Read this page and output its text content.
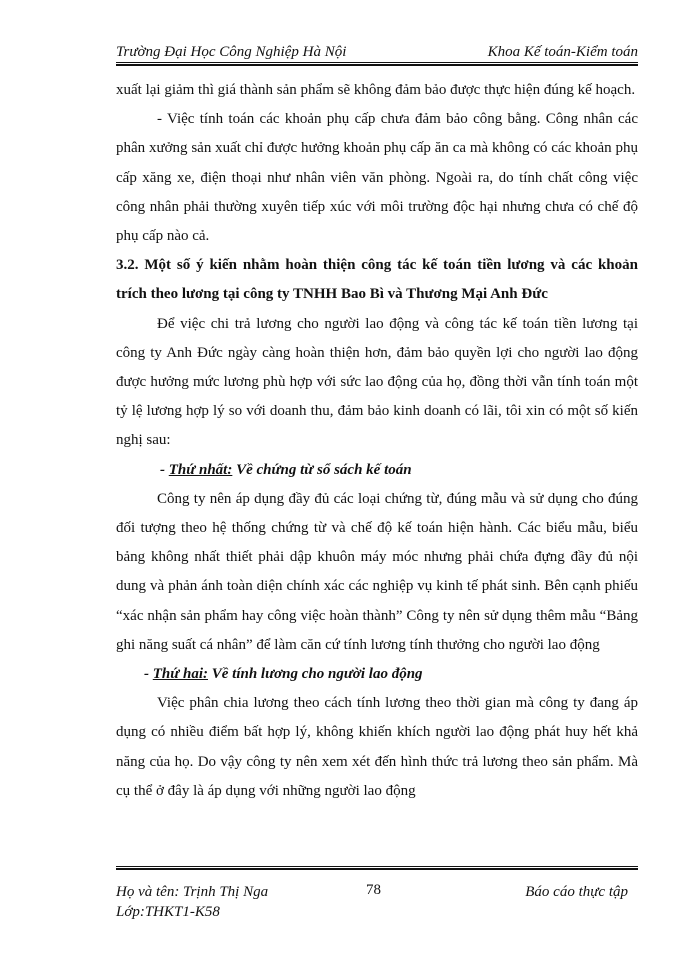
Trường Đại Học Công Nghiệp Hà Nội	Khoa Kế toán-Kiểm toán

xuất lại giảm thì giá thành sản phẩm sẽ không đảm bảo được thực hiện đúng kế hoạch.

- Việc tính toán các khoản phụ cấp chưa đảm bảo công bằng. Công nhân các phân xưởng sản xuất chỉ được hưởng khoản phụ cấp ăn ca mà không có các khoản phụ cấp xăng xe, điện thoại như nhân viên văn phòng. Ngoài ra, do tính chất công việc công nhân phải thường xuyên tiếp xúc với môi trường độc hại nhưng chưa có chế độ phụ cấp nào cả.

3.2. Một số ý kiến nhằm hoàn thiện công tác kế toán tiền lương và các khoản trích theo lương tại công ty TNHH Bao Bì và Thương Mại Anh Đức

Để việc chi trả lương cho người lao động và công tác kế toán tiền lương tại công ty Anh Đức ngày càng hoàn thiện hơn, đảm bảo quyền lợi cho người lao động được hưởng mức lương phù hợp với sức lao động của họ, đồng thời vẫn tính toán một tỷ lệ lương hợp lý so với doanh thu, đảm bảo kinh doanh có lãi, tôi xin có một số kiến nghị sau:

- Thứ nhất: Về chứng từ sổ sách kế toán

Công ty nên áp dụng đầy đủ các loại chứng từ, đúng mẫu và sử dụng cho đúng đối tượng theo hệ thống chứng từ và chế độ kế toán hiện hành. Các biểu mẫu, biểu bảng không nhất thiết phải dập khuôn máy móc nhưng phải chứa đựng đầy đủ nội dung và phản ánh toàn diện chính xác các nghiệp vụ kinh tế phát sinh. Bên cạnh phiếu “xác nhận sản phẩm hay công việc hoàn thành” Công ty nên sử dụng thêm mẫu “Bảng ghi năng suất cá nhân” để làm căn cứ tính lương tính thưởng cho người lao động

- Thứ hai: Về tính lương cho người lao động

Việc phân chia lương theo cách tính lương theo thời gian mà công ty đang áp dụng có nhiều điểm bất hợp lý, không khiến khích người lao động phát huy hết khả năng của họ. Do vậy công ty nên xem xét đến hình thức trả lương theo sản phẩm. Mà cụ thể ở đây là áp dụng với những người lao động

Họ và tên: Trịnh Thị Nga
Lớp:THKT1-K58
78	Báo cáo thực tập
